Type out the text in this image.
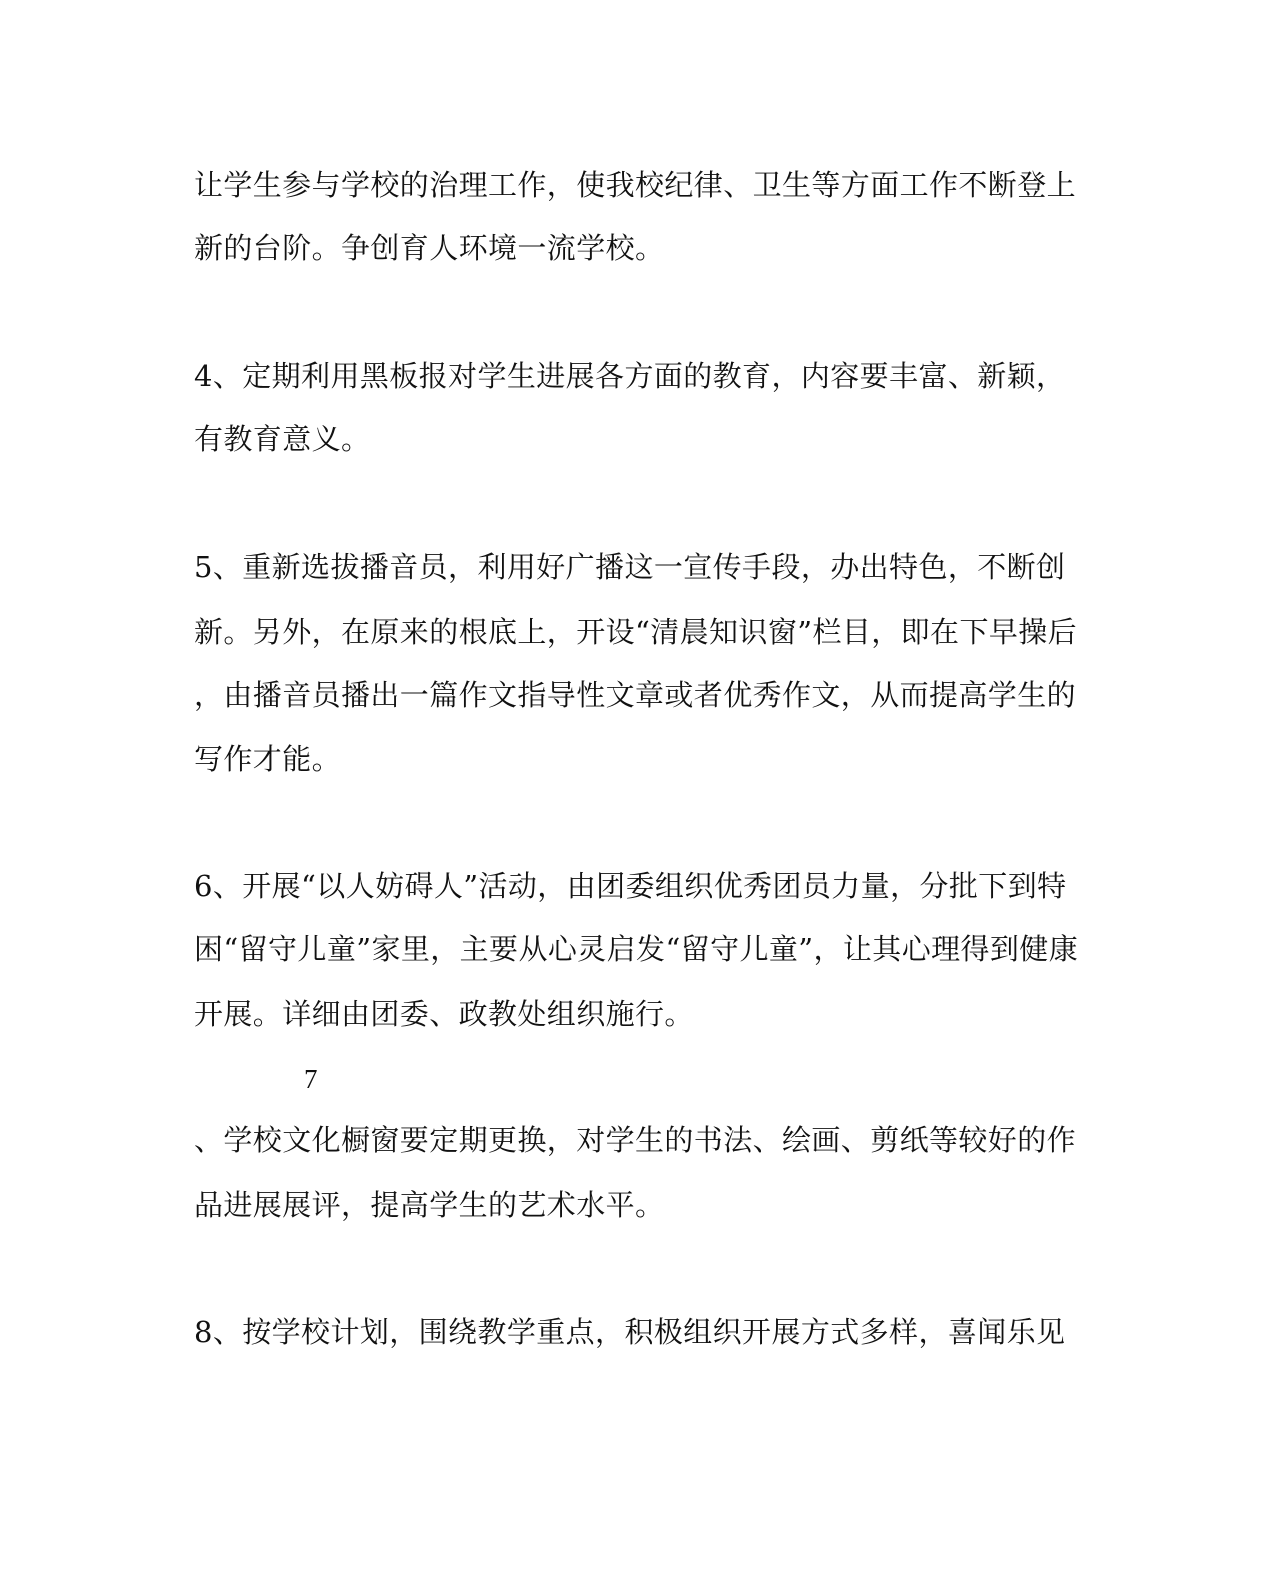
让学生参与学校的治理工作，使我校纪律、卫生等方面工作不断登上

新的台阶。争创育人环境一流学校。

4、定期利用黑板报对学生进展各方面的教育，内容要丰富、新颖，

有教育意义。

5、重新选拔播音员，利用好广播这一宣传手段，办出特色，不断创

新。另外，在原来的根底上，开设“清晨知识窗”栏目，即在下早操后

，由播音员播出一篇作文指导性文章或者优秀作文，从而提高学生的

写作才能。

6、开展“以人妨碍人”活动，由团委组织优秀团员力量，分批下到特

困“留守儿童”家里，主要从心灵启发“留守儿童”，让其心理得到健康

开展。详细由团委、政教处组织施行。

7

、学校文化橱窗要定期更换，对学生的书法、绘画、剪纸等较好的作

品进展展评，提高学生的艺术水平。

8、按学校计划，围绕教学重点，积极组织开展方式多样，喜闻乐见
